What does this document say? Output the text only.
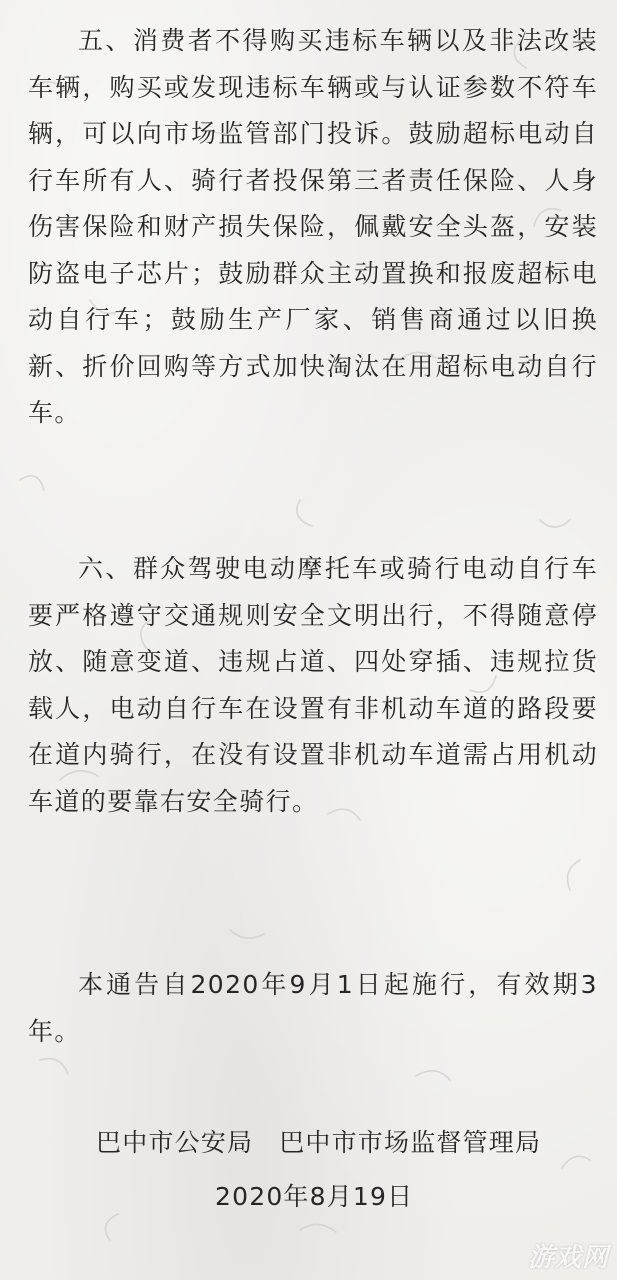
五、消费者不得购买违标车辆以及非法改装车辆，购买或发现违标车辆或与认证参数不符车辆，可以向市场监管部门投诉。鼓励超标电动自行车所有人、骑行者投保第三者责任保险、人身伤害保险和财产损失保险，佩戴安全头盔，安装防盗电子芯片；鼓励群众主动置换和报废超标电动自行车；鼓励生产厂家、销售商通过以旧换新、折价回购等方式加快淘汰在用超标电动自行车。

六、群众驾驶电动摩托车或骑行电动自行车要严格遵守交通规则安全文明出行，不得随意停放、随意变道、违规占道、四处穿插、违规拉货载人，电动自行车在设置有非机动车道的路段要在道内骑行，在没有设置非机动车道需占用机动车道的要靠右安全骑行。

本通告自2020年9月1日起施行，有效期3年。

巴中市公安局 巴中市市场监督管理局

2020年8月19日

游戏网
